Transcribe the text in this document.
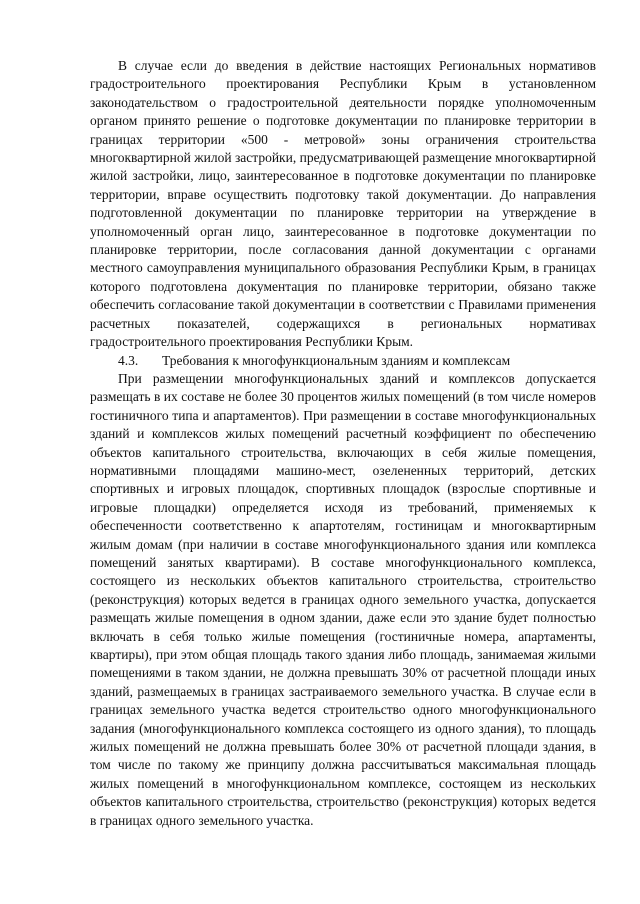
В случае если до введения в действие настоящих Региональных нормативов градостроительного проектирования Республики Крым в установленном законодательством о градостроительной деятельности порядке уполномоченным органом принято решение о подготовке документации по планировке территории в границах территории «500 - метровой» зоны ограничения строительства многоквартирной жилой застройки, предусматривающей размещение многоквартирной жилой застройки, лицо, заинтересованное в подготовке документации по планировке территории, вправе осуществить подготовку такой документации. До направления подготовленной документации по планировке территории на утверждение в уполномоченный орган лицо, заинтересованное в подготовке документации по планировке территории, после согласования данной документации с органами местного самоуправления муниципального образования Республики Крым, в границах которого подготовлена документация по планировке территории, обязано также обеспечить согласование такой документации в соответствии с Правилами применения расчетных показателей, содержащихся в региональных нормативах градостроительного проектирования Республики Крым.

4.3. Требования к многофункциональным зданиям и комплексам

При размещении многофункциональных зданий и комплексов допускается размещать в их составе не более 30 процентов жилых помещений (в том числе номеров гостиничного типа и апартаментов). При размещении в составе многофункциональных зданий и комплексов жилых помещений расчетный коэффициент по обеспечению объектов капитального строительства, включающих в себя жилые помещения, нормативными площадями машино-мест, озелененных территорий, детских спортивных и игровых площадок, спортивных площадок (взрослые спортивные и игровые площадки) определяется исходя из требований, применяемых к обеспеченности соответственно к апартотелям, гостиницам и многоквартирным жилым домам (при наличии в составе многофункционального здания или комплекса помещений занятых квартирами). В составе многофункционального комплекса, состоящего из нескольких объектов капитального строительства, строительство (реконструкция) которых ведется в границах одного земельного участка, допускается размещать жилые помещения в одном здании, даже если это здание будет полностью включать в себя только жилые помещения (гостиничные номера, апартаменты, квартиры), при этом общая площадь такого здания либо площадь, занимаемая жилыми помещениями в таком здании, не должна превышать 30% от расчетной площади иных зданий, размещаемых в границах застраиваемого земельного участка. В случае если в границах земельного участка ведется строительство одного многофункционального задания (многофункционального комплекса состоящего из одного здания), то площадь жилых помещений не должна превышать более 30% от расчетной площади здания, в том числе по такому же принципу должна рассчитываться максимальная площадь жилых помещений в многофункциональном комплексе, состоящем из нескольких объектов капитального строительства, строительство (реконструкция) которых ведется в границах одного земельного участка.
